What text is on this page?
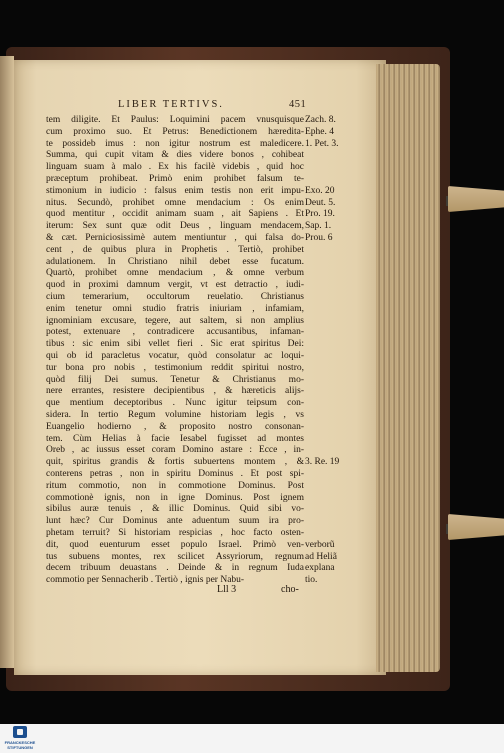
LIBER TERTIVS.	451
tem diligite. Et Paulus: Loquimini pacem vnusquisque
cum proximo suo. Et Petrus: Benedictionem hæredita-
te possideb imus : non igitur nostrum est maledicere.
Summa, qui cupit vitam & dies videre bonos , cohibeat
linguam suam à malo . Ex his facilè videbis , quid hoc
præceptum prohibeat. Primò enim prohibet falsum te-
stimonium in iudicio : falsus enim testis non erit impu-
nitus. Secundò, prohibet omne mendacium : Os enim
quod mentitur , occidit animam suam , ait Sapiens . Et
iterum: Sex sunt quæ odit Deus , linguam mendacem,
& cæt. Perniciosissimè autem mentiuntur , qui falsa do-
cent , de quibus plura in Prophetis . Tertiò, prohibet
adulationem. In Christiano nihil debet esse fucatum.
Quartò, prohibet omne mendacium , & omne verbum
quod in proximi damnum vergit, vt est detractio , iudi-
cium temerarium, occultorum reuelatio. Christianus
enim tenetur omni studio fratris iniuriam , infamiam,
ignominiam excusare, tegere, aut saltem, si non amplius
potest, extenuare , contradicere accusantibus, infaman-
tibus : sic enim sibi vellet fieri . Sic erat spiritus Dei:
qui ob id paracletus vocatur, quòd consolatur ac loqui-
tur bona pro nobis , testimonium reddit spiritui nostro,
quòd filij Dei sumus. Tenetur & Christianus mo-
nere errantes, resistere decipientibus , & hæreticis alijs-
que mentium deceptoribus . Nunc igitur teipsum con-
sidera. In tertio Regum volumine historiam legis , vs
Euangelio hodierno , & proposito nostro consonan-
tem. Cùm Helias à facie Iesabel fugisset ad montes
Oreb , ac iussus esset coram Domino astare : Ecce , in-
quit, spiritus grandis & fortis subuertens montem , &
conterens petras , non in spiritu Dominus . Et post spi-
ritum commotio, non in commotione Dominus. Post
commotionè ignis, non in igne Dominus. Post ignem
sibilus auræ tenuis , & illic Dominus. Quid sibi vo-
lunt hæc? Cur Dominus ante aduentum suum ira pro-
phetam terruit? Si historiam respicias , hoc facto osten-
dit, quod euenturum esset populo Israel. Primò ven-
tus subuens montes, rex scilicet Assyriorum, regnum
decem tribuum deuastans . Deinde & in regnum Iuda
commotio per Sennacherib . Tertiò , ignis per Nabu-
Zach. 8.
Ephe. 4
1. Pet. 3.
Exo. 20
Deut. 5.
Pro. 19.
Sap. 1.
Prou. 6
3. Re. 19
verborũ
ad Heliã
explana
tio.
Lll 3	cho-
FRANCKESCHE
STIFTUNGEN
